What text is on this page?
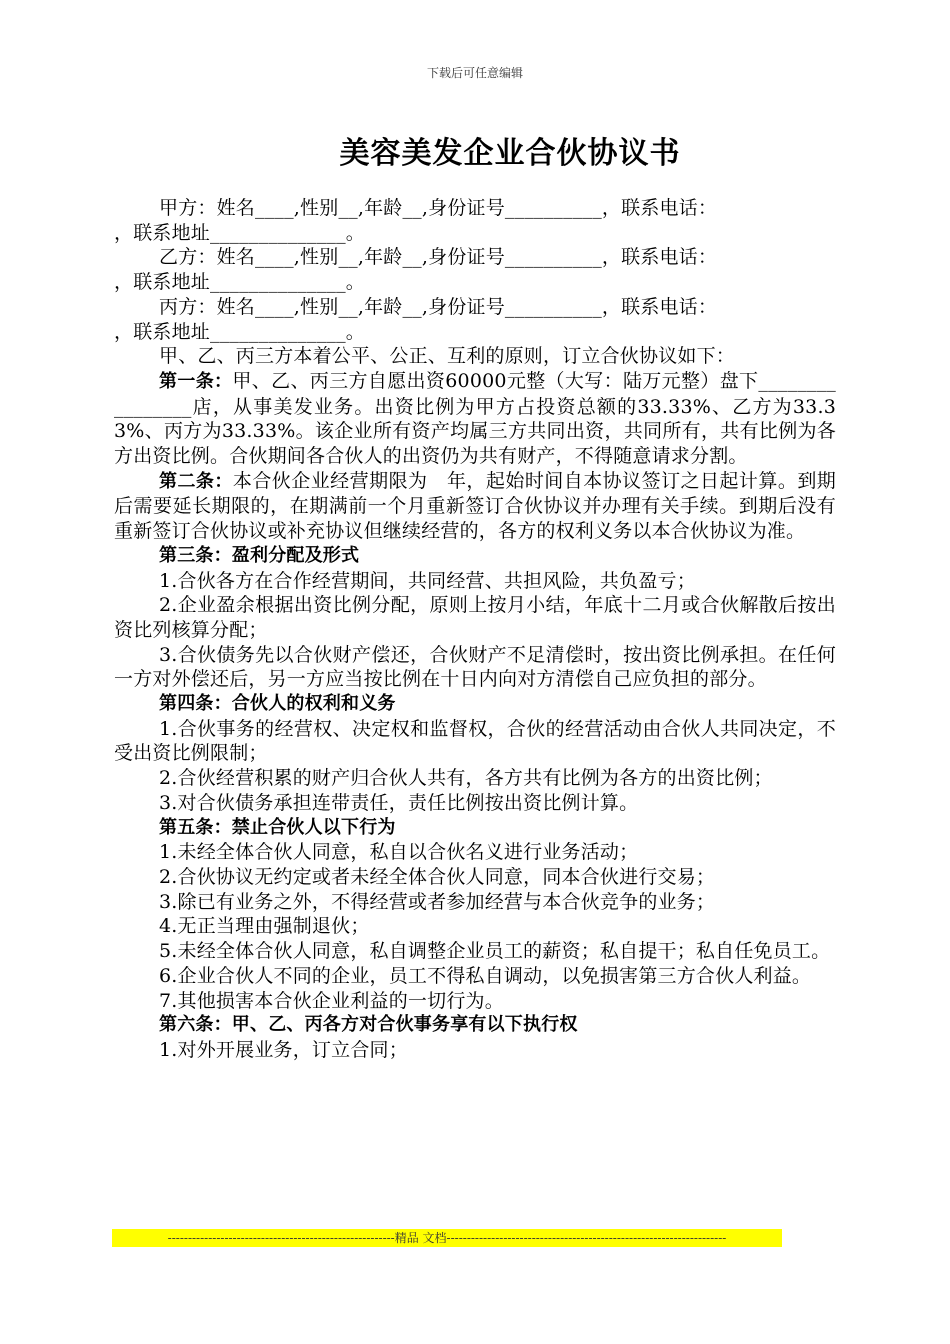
下载后可任意编辑
美容美发企业合伙协议书

甲方：姓名____,性别__,年龄__,身份证号__________，联系电话：
，联系地址______________。

乙方：姓名____,性别__,年龄__,身份证号__________，联系电话：
，联系地址______________。

丙方：姓名____,性别__,年龄__,身份证号__________，联系电话：
，联系地址______________。

甲、乙、丙三方本着公平、公正、互利的原则，订立合伙协议如下：

第一条：甲、乙、丙三方自愿出资60000元整（大写：陆万元整）盘下________________店，从事美发业务。出资比例为甲方占投资总额的33.33%、乙方为33.33%、丙方为33.33%。该企业所有资产均属三方共同出资，共同所有，共有比例为各方出资比例。合伙期间各合伙人的出资仍为共有财产，不得随意请求分割。

第二条：本合伙企业经营期限为　年，起始时间自本协议签订之日起计算。到期后需要延长期限的，在期满前一个月重新签订合伙协议并办理有关手续。到期后没有重新签订合伙协议或补充协议但继续经营的，各方的权利义务以本合伙协议为准。

第三条：盈利分配及形式

1.合伙各方在合作经营期间，共同经营、共担风险，共负盈亏；

2.企业盈余根据出资比例分配，原则上按月小结，年底十二月或合伙解散后按出资比列核算分配；

3.合伙债务先以合伙财产偿还，合伙财产不足清偿时，按出资比例承担。在任何一方对外偿还后，另一方应当按比例在十日内向对方清偿自己应负担的部分。

第四条：合伙人的权利和义务

1.合伙事务的经营权、决定权和监督权，合伙的经营活动由合伙人共同决定，不受出资比例限制；

2.合伙经营积累的财产归合伙人共有，各方共有比例为各方的出资比例；

3.对合伙债务承担连带责任，责任比例按出资比例计算。

第五条：禁止合伙人以下行为

1.未经全体合伙人同意，私自以合伙名义进行业务活动；

2.合伙协议无约定或者未经全体合伙人同意，同本合伙进行交易；

3.除已有业务之外，不得经营或者参加经营与本合伙竞争的业务；

4.无正当理由强制退伙；

5.未经全体合伙人同意，私自调整企业员工的薪资；私自提干；私自任免员工。

6.企业合伙人不同的企业，员工不得私自调动，以免损害第三方合伙人利益。

7.其他损害本合伙企业利益的一切行为。

第六条：甲、乙、丙各方对合伙事务享有以下执行权

1.对外开展业务，订立合同；

--------------------------------------------------------精品 文档---------------------------------------------------------------------
